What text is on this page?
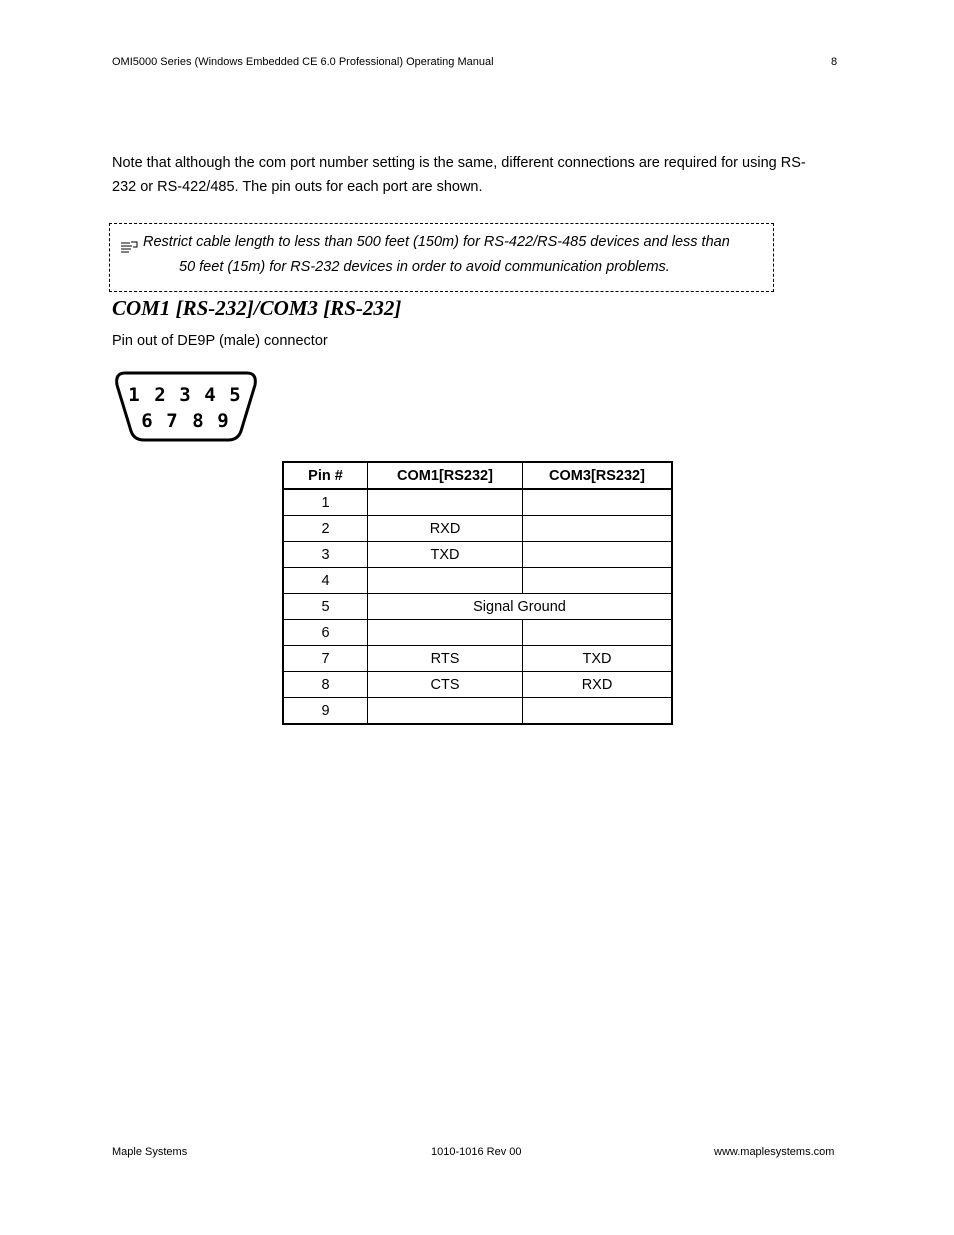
OMI5000 Series (Windows Embedded CE 6.0 Professional) Operating Manual	8

Note that although the com port number setting is the same, different connections are required for using RS-232 or RS-422/485. The pin outs for each port are shown.

Restrict cable length to less than 500 feet (150m) for RS-422/RS-485 devices and less than
50 feet (15m) for RS-232 devices in order to avoid communication problems.
COM1 [RS-232]/COM3 [RS-232]
Pin out of DE9P (male) connector
1 2 3 4 5
6 7 8 9
Pin #	COM1[RS232]	COM3[RS232]
1		
2	RXD	
3	TXD	
4		
5	Signal Ground	
6		
7	RTS	TXD
8	CTS	RXD
9		
Maple Systems	1010-1016 Rev 00	www.maplesystems.com
